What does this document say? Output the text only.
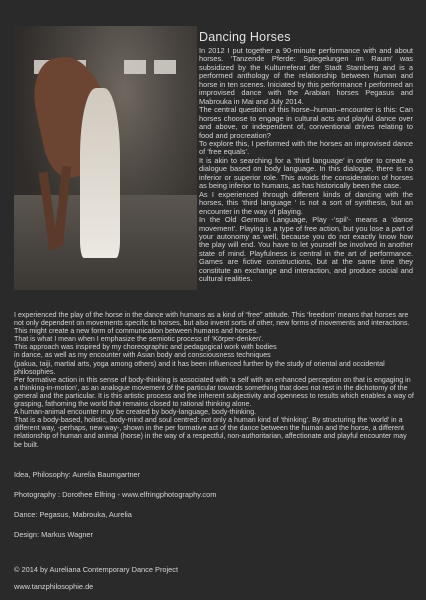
Dancing Horses

In 2012 I put together a 90-minute performance with and about horses. ‘Tanzende Pferde: Spiegelungen im Raum’ was subsidized by the Kulturreferat der Stadt Starnberg and is a performed anthology of the relationship between human and horse in ten scenes. Iniciated by this performance I performed an improvised dance with the Arabian horses Pegasus and Mabrouka in Mai and July 2014.

The central question of this horse–human–encounter is this: Can horses choose to engage in cultural acts and playful dance over and above, or independent of, conventional drives relating to food and procreation?

To explore this, I performed with the horses an improvised dance of ‘free equals’.

It is akin to searching for a ‘third language’ in order to create a dialogue based on body language. In this dialogue, there is no inferior or superior role. This avoids the consideration of horses as being inferior to humans, as has historically been the case.

As I experienced through different kinds of dancing with the horses, this ‘third language ‘ is not a sort of synthesis, but an encounter in the way of playing.

In the Old German Language, Play -‘spil’- means a ‘dance movement’. Playing is a type of free action, but you lose a part of your autonomy as well, because you do not exactly know how the play will end. You have to let yourself be involved in another state of mind. Playfulness is central in the art of performance. Games are fictive constructions, but at the same time they constitute an exchange and interaction, and produce social and cultural realities.

I experienced the play of the horse in the dance with humans as a kind of “free” attitude. This ‘freedom’ means that horses are not only dependent on movements specific to horses, but also invent sorts of other, new forms of movements and interactions. This might create a new form of communication between humans and horses.

That is what I mean when I emphasize the semiotic process of ‘Körper-denken’.

This approach was inspired by my choreographic and pedagogical work with bodies

in dance, as well as my encounter with Asian body and consciousness techniques

(pakua, taiji, martial arts, yoga among others) and it has been influenced further by the study of oriental and occidental philosophies.

Per formative action in this sense of body-thinking is associated with ‘a self with an enhanced perception on that is engaging in a thinking-in-motion’, as an analogue movement of the particular towards something that does not rest in the dichotomy of the general and the particular. It is this artistic process and the inherent subjectivity and openness to results which enables a way of grasping, fathoming the world that remains closed to rational thinking alone.

A human-animal encounter may be created by body-language, body-thinking.

That is a body-based, holistic, body-mind and soul centred: not only a human kind of ‘thinking’. By structuring the ‘world’ in a different way, -perhaps, new way-, shown in the per formative act of the dance between the human and the horse, a different relationship of human and animal (horse) in the way of a respectful, non-authoritarian, affectionate and playful encounter may be built.

Idea, Philosophy: Aurelia Baumgartner

Photography : Dorothee Elfring - www.elfringphotography.com

Dance: Pegasus, Mabrouka, Aurelia

Design: Markus Wagner

© 2014 by Aureliana Contemporary Dance Project

www.tanzphilosophie.de
